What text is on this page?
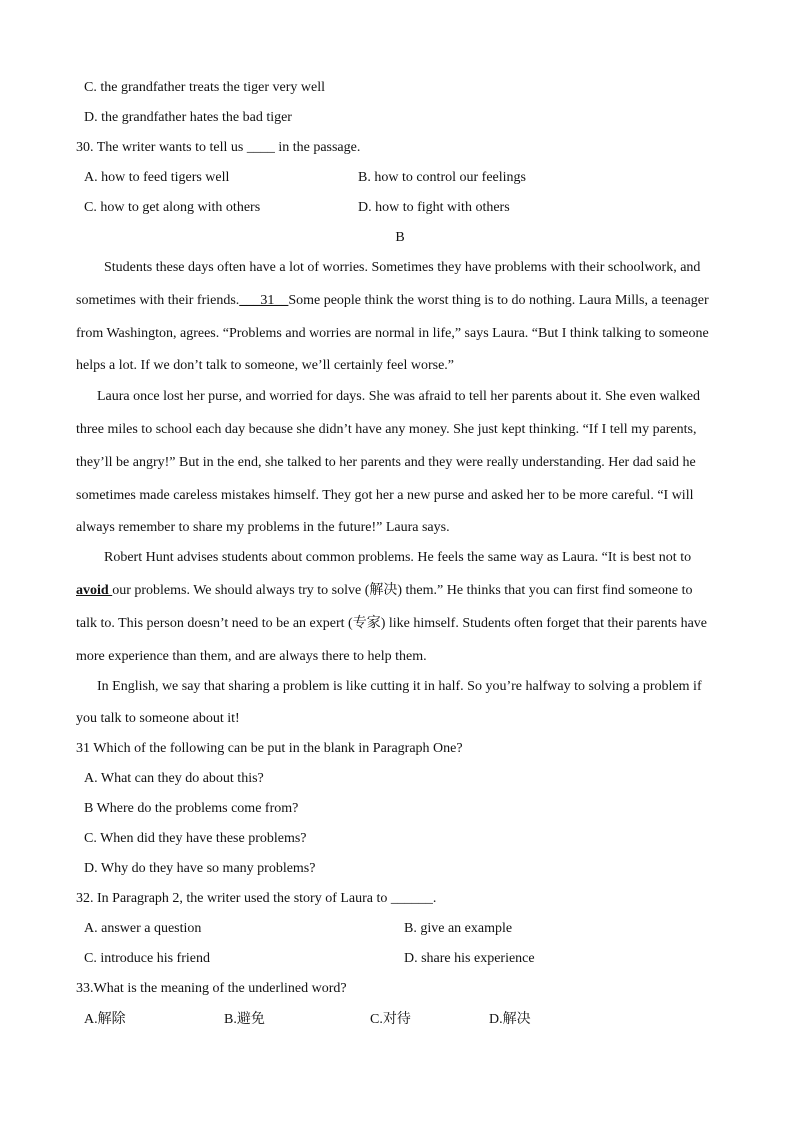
C. the grandfather treats the tiger very well
D. the grandfather hates the bad tiger
30. The writer wants to tell us ____ in the passage.
A. how to feed tigers well	B. how to control our feelings
C. how to get along with others	D. how to fight with others
B
Students these days often have a lot of worries. Sometimes they have problems with their schoolwork, and
sometimes with their friends.___31__Some people think the worst thing is to do nothing. Laura Mills, a teenager
from Washington, agrees. “Problems and worries are normal in life,” says Laura. “But I think talking to someone
helps a lot. If we don’t talk to someone, we’ll certainly feel worse.”
Laura once lost her purse, and worried for days. She was afraid to tell her parents about it. She even walked
three miles to school each day because she didn’t have any money. She just kept thinking. “If I tell my parents,
they’ll be angry!” But in the end, she talked to her parents and they were really understanding. Her dad said he
sometimes made careless mistakes himself. They got her a new purse and asked her to be more careful. “I will
always remember to share my problems in the future!” Laura says.
Robert Hunt advises students about common problems. He feels the same way as Laura. “It is best not to
avoid our problems. We should always try to solve (解决) them.” He thinks that you can first find someone to
talk to. This person doesn’t need to be an expert (专家) like himself. Students often forget that their parents have
more experience than them, and are always there to help them.
In English, we say that sharing a problem is like cutting it in half. So you’re halfway to solving a problem if
you talk to someone about it!
31 Which of the following can be put in the blank in Paragraph One?
A. What can they do about this?
B Where do the problems come from?
C. When did they have these problems?
D. Why do they have so many problems?
32. In Paragraph 2, the writer used the story of Laura to ______.
A. answer a question	B. give an example
C. introduce his friend	D. share his experience
33.What is the meaning of the underlined word?
A.解除	B.避免	C.对待	D.解决
